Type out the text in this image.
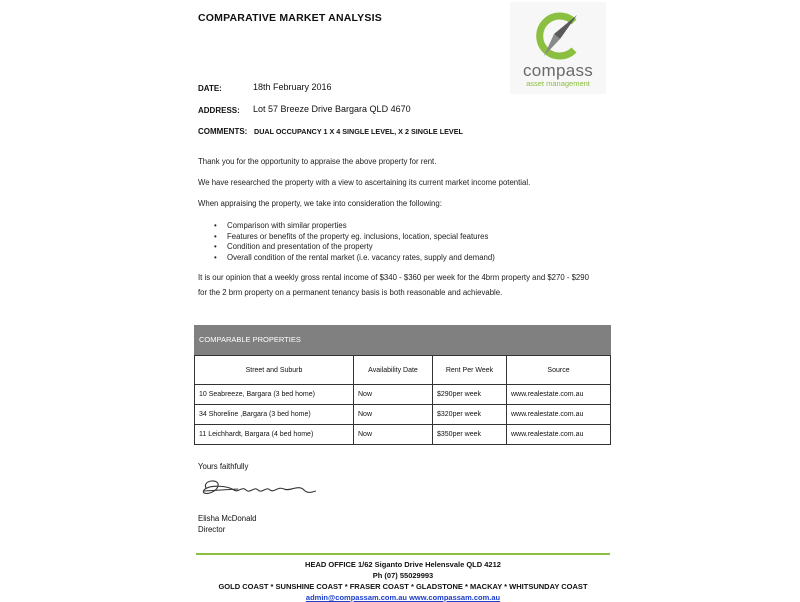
COMPARATIVE MARKET ANALYSIS
compass
asset management
DATE:	18th February 2016
ADDRESS: Lot 57 Breeze Drive Bargara QLD 4670
COMMENTS: DUAL OCCUPANCY 1 X 4 SINGLE LEVEL, X 2 SINGLE LEVEL
Thank you for the opportunity to appraise the above property for rent.
We have researched the property with a view to ascertaining its current market income potential.
When appraising the property, we take into consideration the following:
• Comparison with similar properties
• Features or benefits of the property eg. inclusions, location, special features
• Condition and presentation of the property
• Overall condition of the rental market (i.e. vacancy rates, supply and demand)
It is our opinion that a weekly gross rental income of $340 - $360 per week for the 4brm property and $270 - $290
for the 2 brm property on a permanent tenancy basis is both reasonable and achievable.
COMPARABLE PROPERTIES
Street and Suburb	Availability Date	Rent Per Week	Source
10 Seabreeze, Bargara (3 bed home)	Now	$290per week	www.realestate.com.au
34 Shoreline ,Bargara (3 bed home)	Now	$320per week	www.realestate.com.au
11 Leichhardt, Bargara (4 bed home)	Now	$350per week	www.realestate.com.au
Yours faithfully
Elisha McDonald
Director
HEAD OFFICE 1/62 Siganto Drive Helensvale QLD 4212
Ph (07) 55029993
GOLD COAST * SUNSHINE COAST * FRASER COAST * GLADSTONE * MACKAY * WHITSUNDAY COAST
admin@compassam.com.au www.compassam.com.au
